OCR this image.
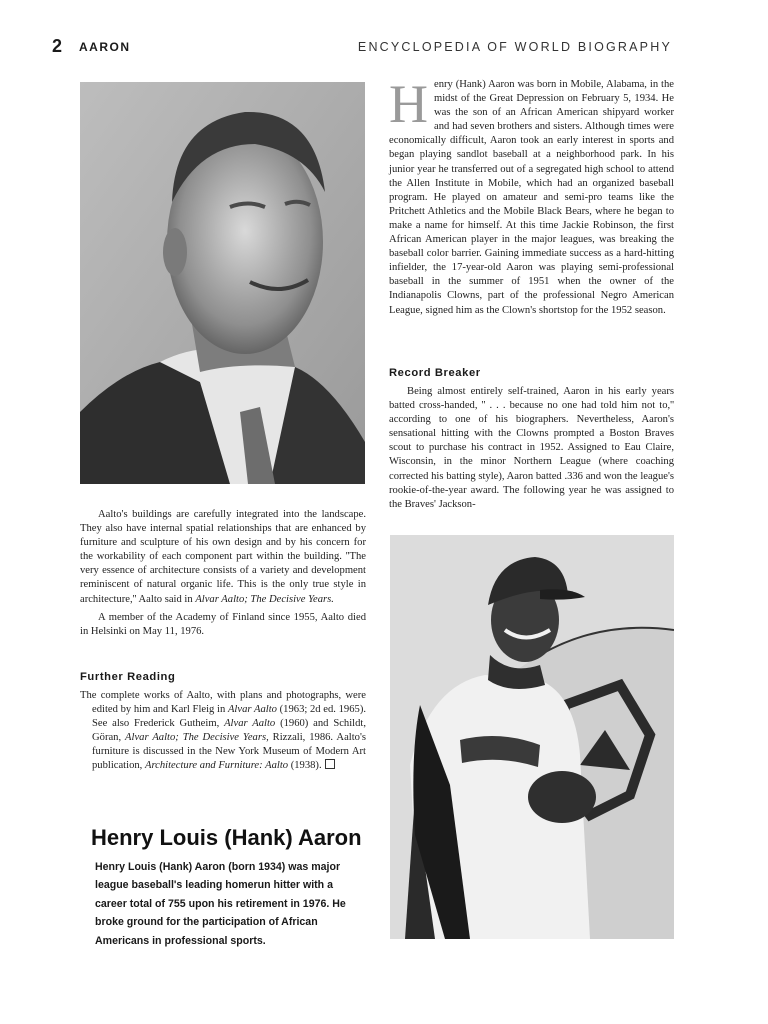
2 AARON	ENCYCLOPEDIA OF WORLD BIOGRAPHY

Henry (Hank) Aaron was born in Mobile, Alabama, in the midst of the Great Depression on February 5, 1934. He was the son of an African American shipyard worker and had seven brothers and sisters. Although times were economically difficult, Aaron took an early interest in sports and began playing sandlot baseball at a neighborhood park. In his junior year he transferred out of a segregated high school to attend the Allen Institute in Mobile, which had an organized baseball program. He played on amateur and semi-pro teams like the Pritchett Athletics and the Mobile Black Bears, where he began to make a name for himself. At this time Jackie Robinson, the first African American player in the major leagues, was breaking the baseball color barrier. Gaining immediate success as a hard-hitting infielder, the 17-year-old Aaron was playing semi-professional baseball in the summer of 1951 when the owner of the Indianapolis Clowns, part of the professional Negro American League, signed him as the Clown's shortstop for the 1952 season.

Record Breaker

Being almost entirely self-trained, Aaron in his early years batted cross-handed, '' . . . because no one had told him not to,'' according to one of his biographers. Nevertheless, Aaron's sensational hitting with the Clowns prompted a Boston Braves scout to purchase his contract in 1952. Assigned to Eau Claire, Wisconsin, in the minor Northern League (where coaching corrected his batting style), Aaron batted .336 and won the league's rookie-of-the-year award. The following year he was assigned to the Braves' Jackson-

Aalto's buildings are carefully integrated into the landscape. They also have internal spatial relationships that are enhanced by furniture and sculpture of his own design and by his concern for the workability of each component part within the building. ''The very essence of architecture consists of a variety and development reminiscent of natural organic life. This is the only true style in architecture,'' Aalto said in Alvar Aalto; The Decisive Years.

A member of the Academy of Finland since 1955, Aalto died in Helsinki on May 11, 1976.

Further Reading

The complete works of Aalto, with plans and photographs, were edited by him and Karl Fleig in Alvar Aalto (1963; 2d ed. 1965). See also Frederick Gutheim, Alvar Aalto (1960) and Schildt, Göran, Alvar Aalto; The Decisive Years, Rizzali, 1986. Aalto's furniture is discussed in the New York Museum of Modern Art publication, Architecture and Furniture: Aalto (1938).

Henry Louis (Hank) Aaron
Henry Louis (Hank) Aaron (born 1934) was major league baseball's leading homerun hitter with a career total of 755 upon his retirement in 1976. He broke ground for the participation of African Americans in professional sports.
